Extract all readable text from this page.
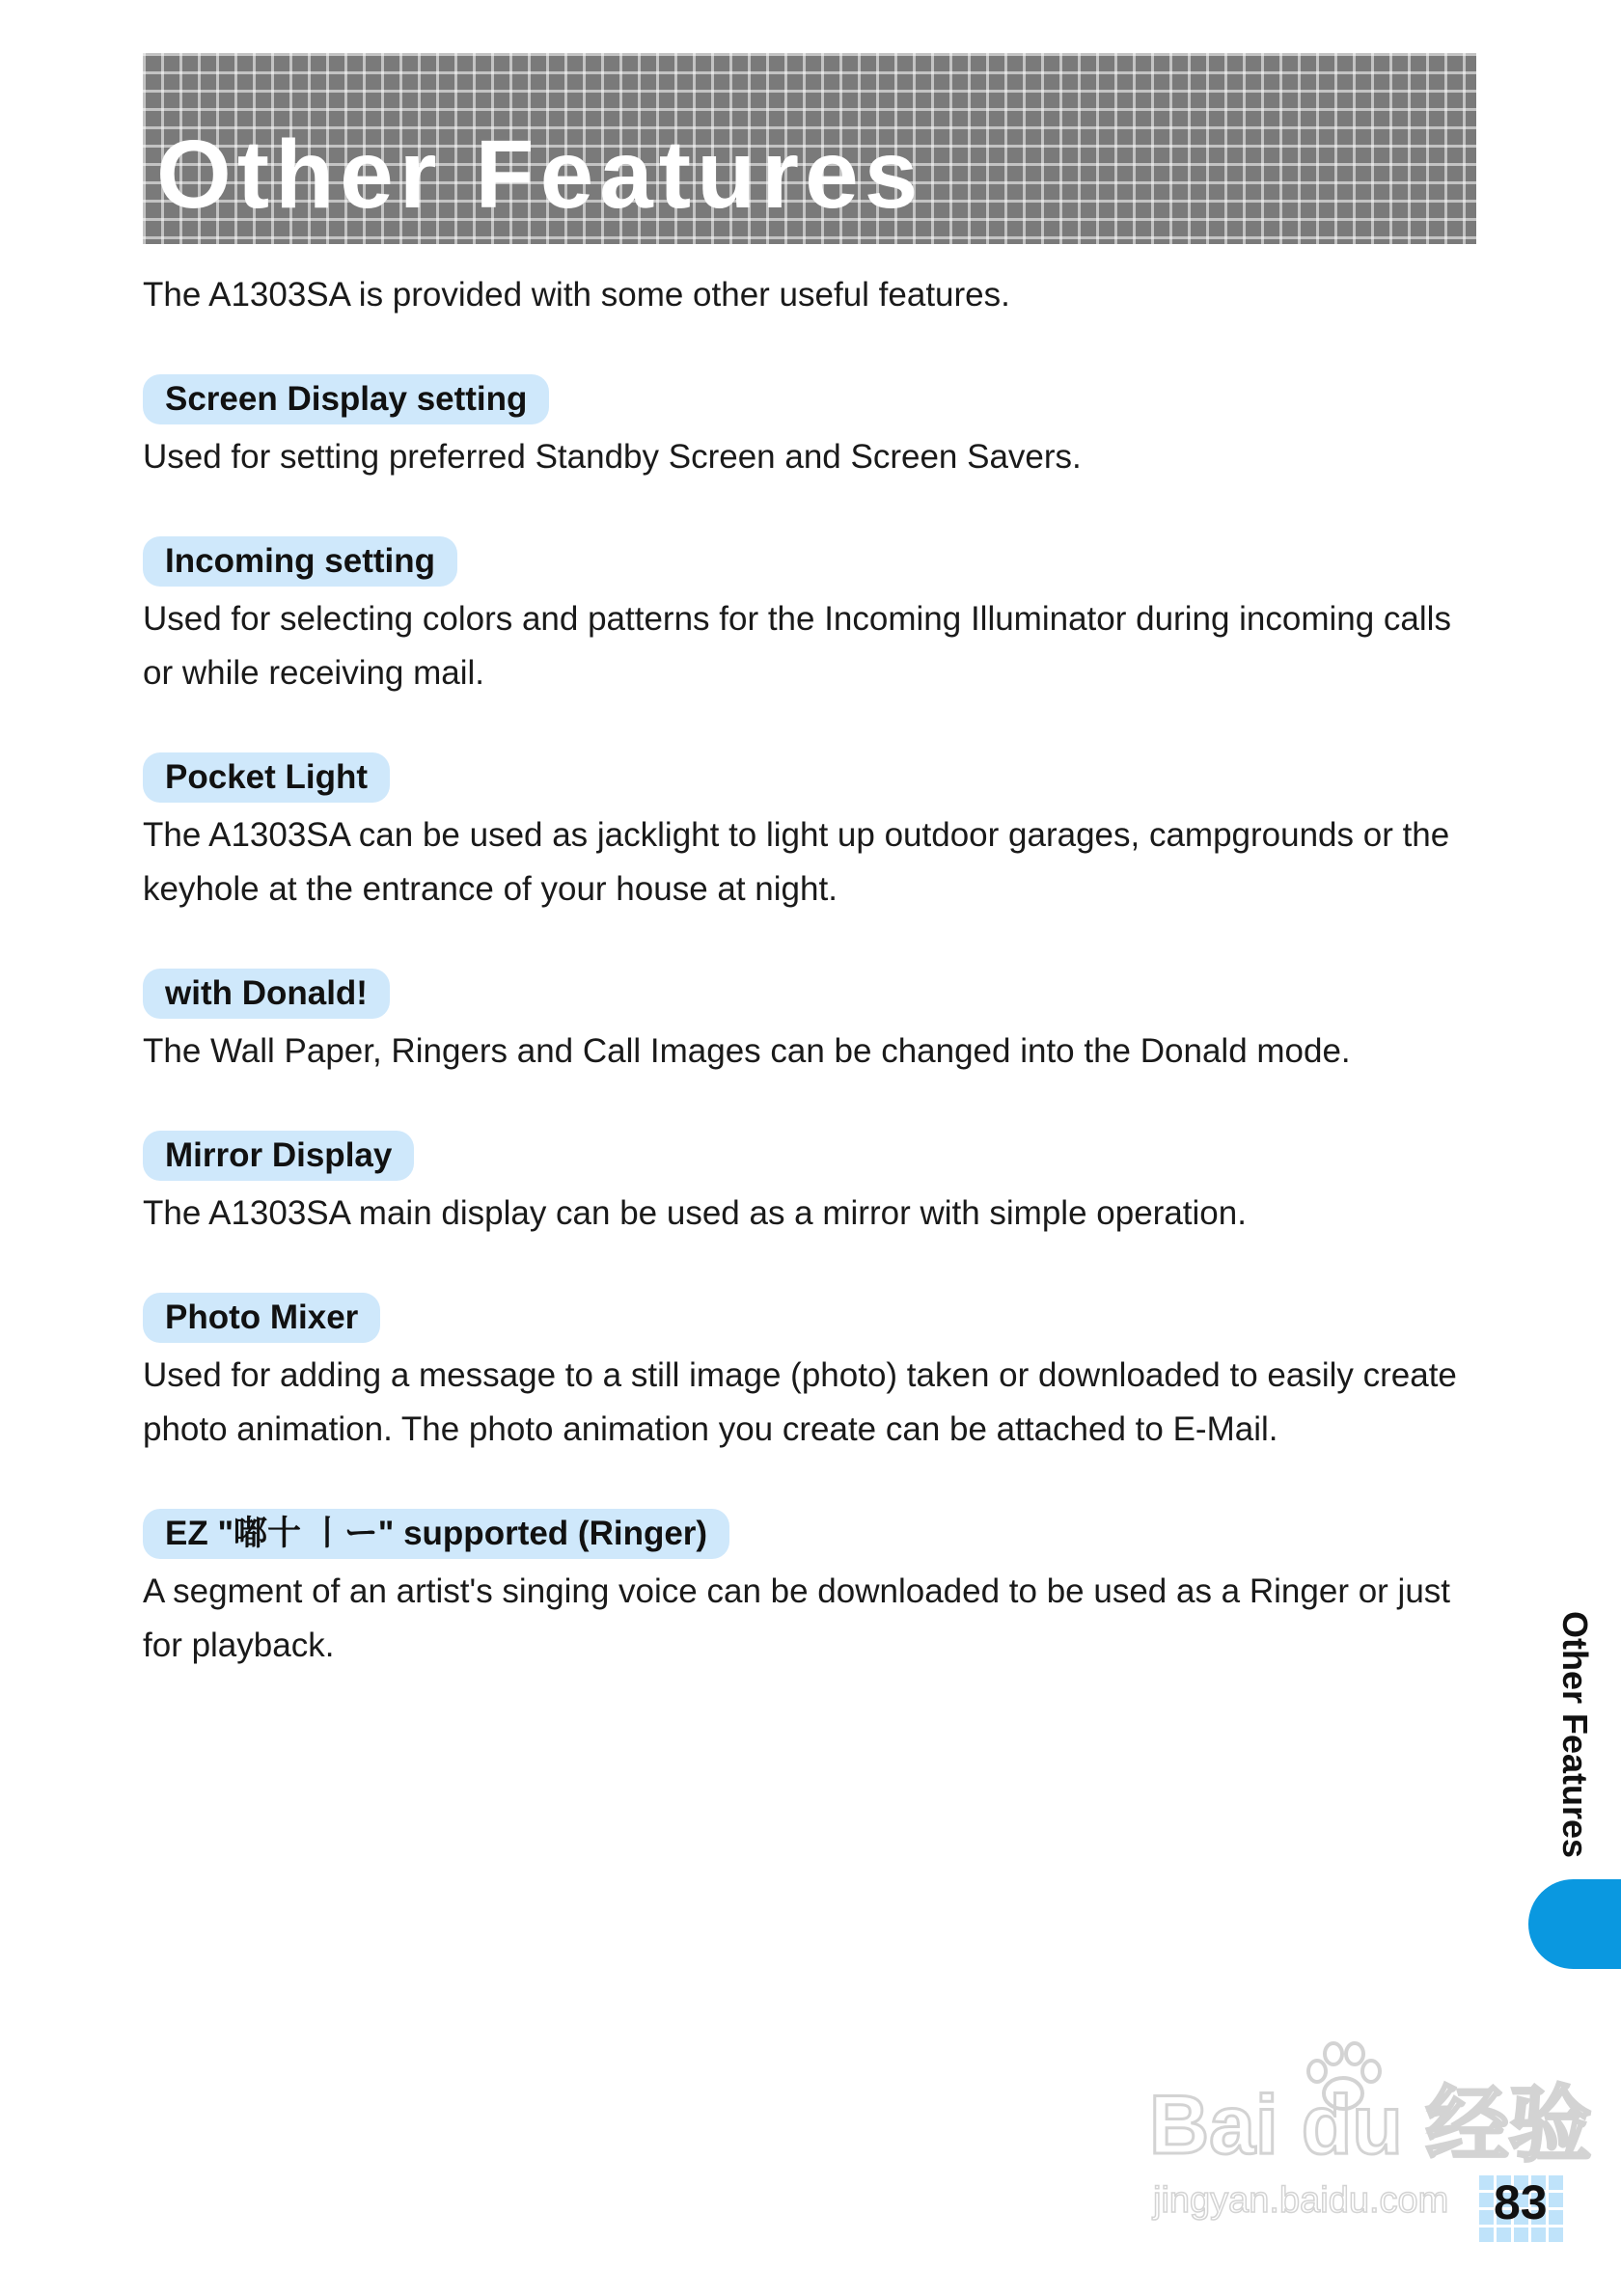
Other Features
The A1303SA is provided with some other useful features.
Screen Display setting
Used for setting preferred Standby Screen and Screen Savers.
Incoming setting
Used for selecting colors and patterns for the Incoming Illuminator during incoming calls or while receiving mail.
Pocket Light
The A1303SA can be used as jacklight to light up outdoor garages, campgrounds or the keyhole at the entrance of your house at night.
with Donald!
The Wall Paper, Ringers and Call Images can be changed into the Donald mode.
Mirror Display
The A1303SA main display can be used as a mirror with simple operation.
Photo Mixer
Used for adding a message to a still image (photo) taken or downloaded to easily create photo animation. The photo animation you create can be attached to E-Mail.
EZ "嘟十 丨ー" supported (Ringer)
A segment of an artist's singing voice can be downloaded to be used as a Ringer or just for playback.	Other Features
Bai du 经验
jingyan.baidu.com 83
